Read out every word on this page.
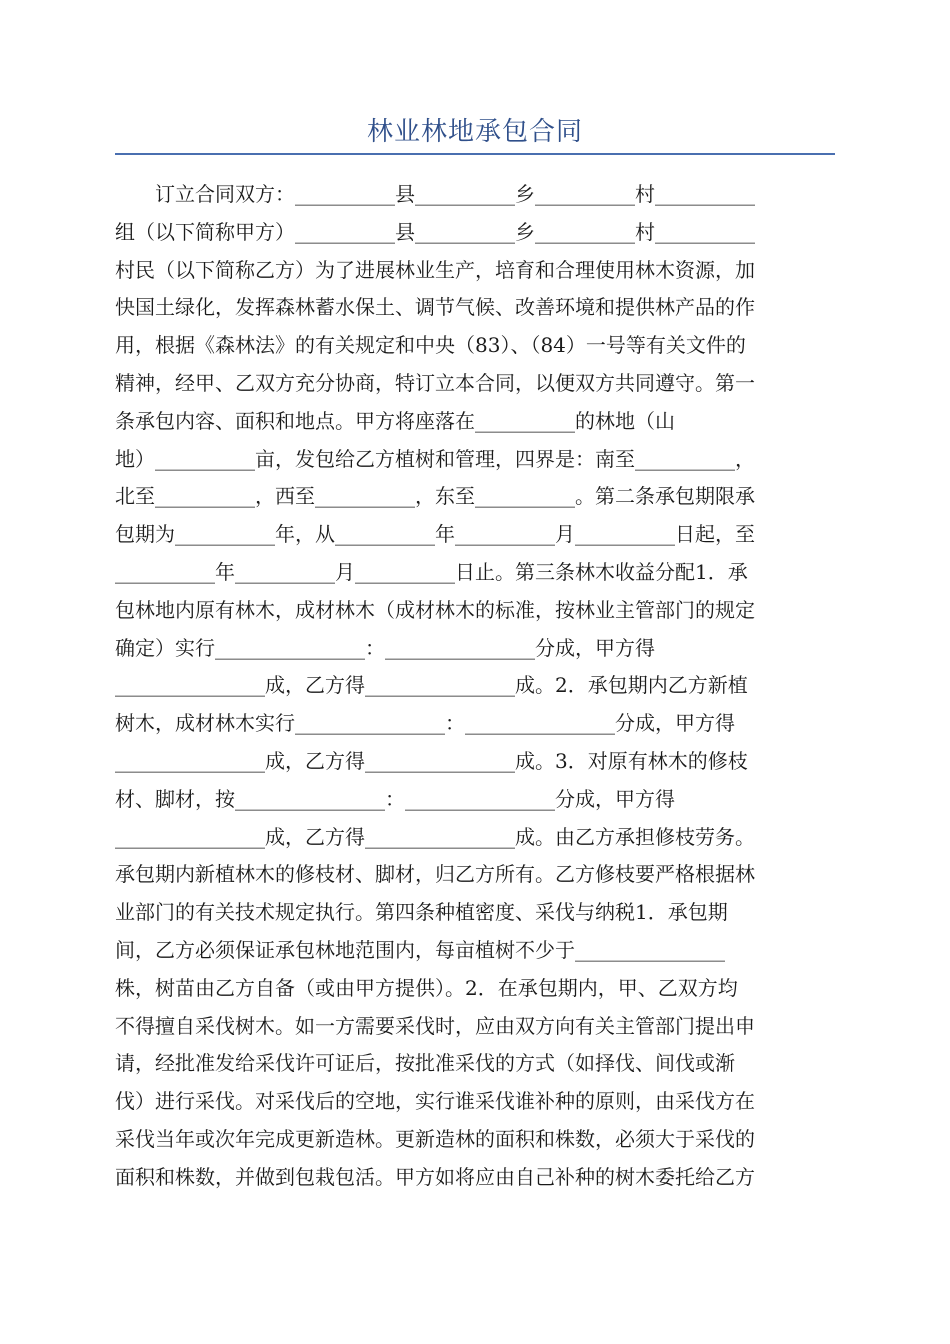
林业林地承包合同
　　订立合同双方：__________县__________乡__________村__________
组（以下简称甲方）__________县__________乡__________村__________
村民（以下简称乙方）为了进展林业生产，培育和合理使用林木资源，加
快国土绿化，发挥森林蓄水保土、调节气候、改善环境和提供林产品的作
用，根据《森林法》的有关规定和中央（83）、（84）一号等有关文件的
精神，经甲、乙双方充分协商，特订立本合同，以便双方共同遵守。第一
条承包内容、面积和地点。甲方将座落在__________的林地（山
地）__________亩，发包给乙方植树和管理，四界是：南至__________，
北至__________，西至__________，东至__________。第二条承包期限承
包期为__________年，从__________年__________月__________日起，至
__________年__________月__________日止。第三条林木收益分配1．承
包林地内原有林木，成材林木（成材林木的标准，按林业主管部门的规定
确定）实行_______________：_______________分成，甲方得
_______________成，乙方得_______________成。2．承包期内乙方新植
树木，成材林木实行_______________：_______________分成，甲方得
_______________成，乙方得_______________成。3．对原有林木的修枝
材、脚材，按_______________：_______________分成，甲方得
_______________成，乙方得_______________成。由乙方承担修枝劳务。
承包期内新植林木的修枝材、脚材，归乙方所有。乙方修枝要严格根据林
业部门的有关技术规定执行。第四条种植密度、采伐与纳税1．承包期
间，乙方必须保证承包林地范围内，每亩植树不少于_______________
株，树苗由乙方自备（或由甲方提供）。2．在承包期内，甲、乙双方均
不得擅自采伐树木。如一方需要采伐时，应由双方向有关主管部门提出申
请，经批准发给采伐许可证后，按批准采伐的方式（如择伐、间伐或渐
伐）进行采伐。对采伐后的空地，实行谁采伐谁补种的原则，由采伐方在
采伐当年或次年完成更新造林。更新造林的面积和株数，必须大于采伐的
面积和株数，并做到包栽包活。甲方如将应由自己补种的树木委托给乙方
